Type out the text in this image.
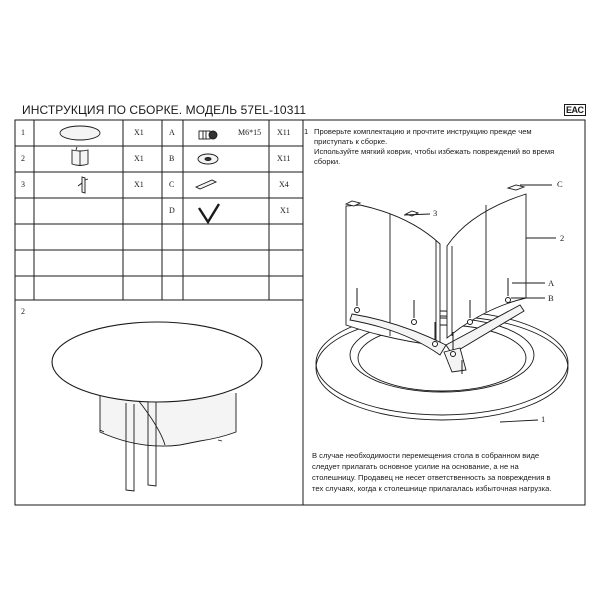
ИНСТРУКЦИЯ ПО СБОРКЕ. МОДЕЛЬ 57EL-10311	EAC
1	X1
2	X1
3	X1
A	M6*15 X11
B	X11
C	X4
D	X1
2
1 Проверьте комплектацию и прочтите инструкцию прежде чем
приступать к сборке.
Используйте мягкий коврик, чтобы избежать повреждений во время
сборки.
C
2
3
A
B
1
В случае необходимости перемещения стола в собранном виде
следует прилагать основное усилие на основание, а не на
столешницу. Продавец не несет ответственность за повреждения в
тех случаях, когда к столешнице прилагалась избыточная нагрузка.
